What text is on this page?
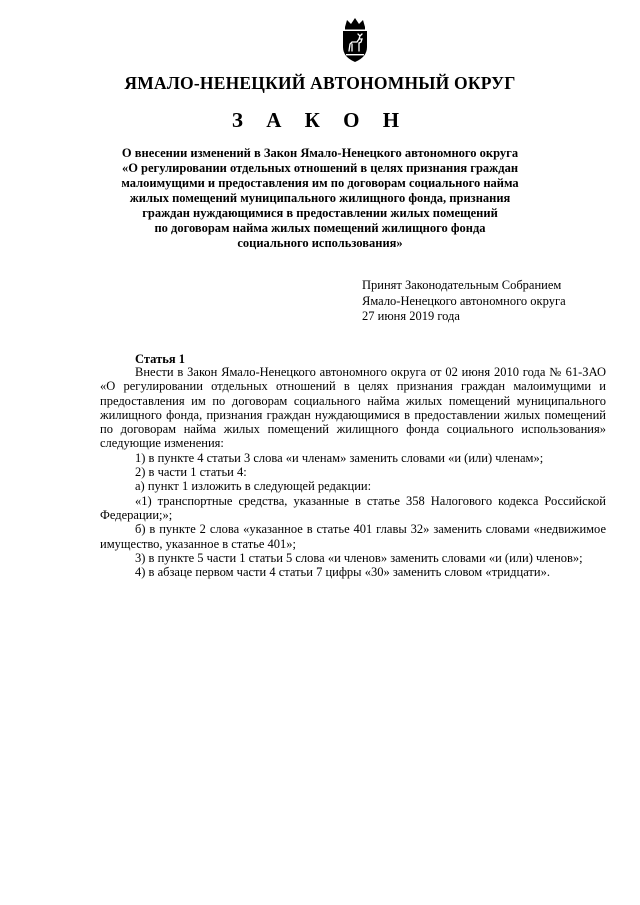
ЯМАЛО-НЕНЕЦКИЙ АВТОНОМНЫЙ ОКРУГ
З А К О Н
О внесении изменений в Закон Ямало-Ненецкого автономного округа
«О регулировании отдельных отношений в целях признания граждан
малоимущими и предоставления им по договорам социального найма
жилых помещений муниципального жилищного фонда, признания
граждан нуждающимися в предоставлении жилых помещений
по договорам найма жилых помещений жилищного фонда
социального использования»
Принят Законодательным Собранием
Ямало-Ненецкого автономного округа
27 июня 2019 года
Статья 1

Внести в Закон Ямало-Ненецкого автономного округа от 02 июня 2010 года № 61-ЗАО «О регулировании отдельных отношений в целях признания граждан малоимущими и предоставления им по договорам социального найма жилых помещений муниципального жилищного фонда, признания граждан нуждающимися в предоставлении жилых помещений по договорам найма жилых помещений жилищного фонда социального использования» следующие изменения:

1) в пункте 4 статьи 3 слова «и членам» заменить словами «и (или) членам»;

2) в части 1 статьи 4:

а) пункт 1 изложить в следующей редакции:

«1) транспортные средства, указанные в статье 358 Налогового кодекса Российской Федерации;»;

б) в пункте 2 слова «указанное в статье 401 главы 32» заменить словами «недвижимое имущество, указанное в статье 401»;

3) в пункте 5 части 1 статьи 5 слова «и членов» заменить словами «и (или) членов»;

4) в абзаце первом части 4 статьи 7 цифры «30» заменить словом «тридцати».
